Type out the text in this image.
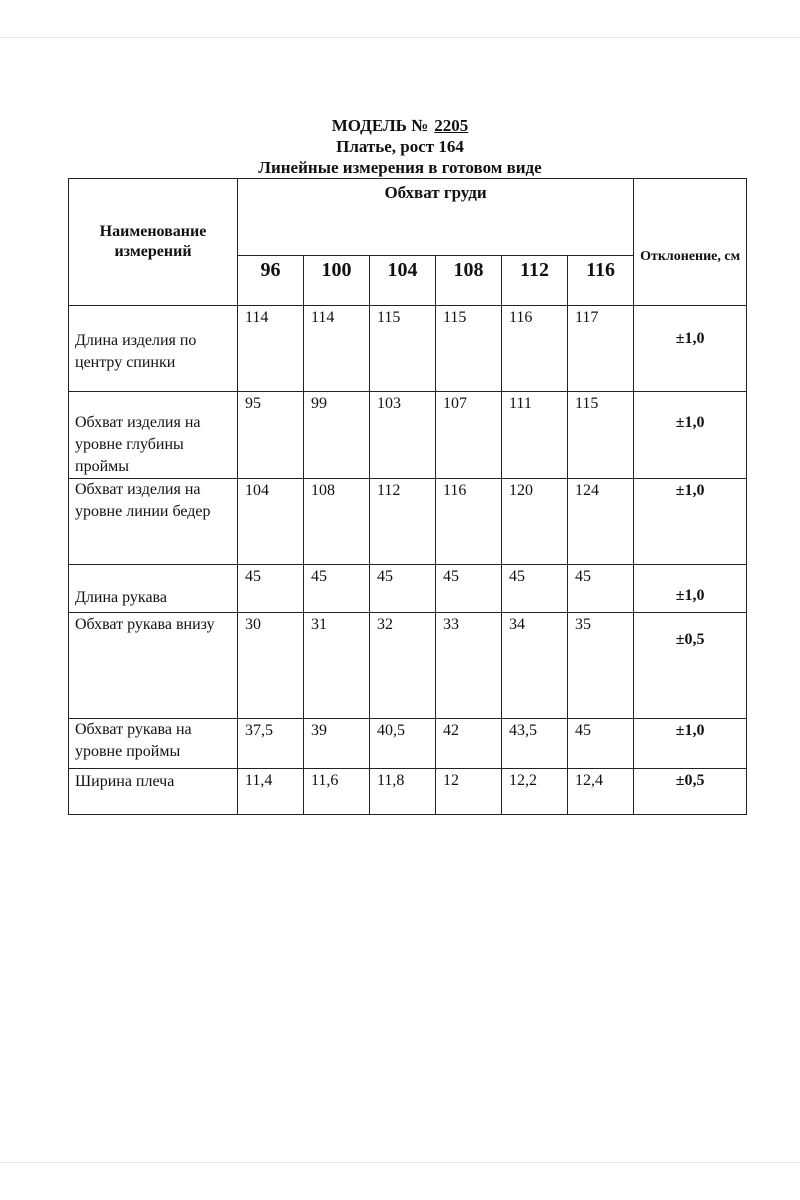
МОДЕЛЬ № 2205
Платье, рост 164
Линейные измерения в готовом виде
Наименование измерений	Обхват груди						Отклонение, см
	96	100	104	108	112	116	
Длина изделия по центру спинки	114	114	115	115	116	117	±1,0
Обхват изделия на уровне глубины проймы	95	99	103	107	111	115	±1,0
Обхват изделия на уровне линии бедер	104	108	112	116	120	124	±1,0
Длина рукава	45	45	45	45	45	45	±1,0
Обхват рукава внизу	30	31	32	33	34	35	±0,5
Обхват рукава на уровне проймы	37,5	39	40,5	42	43,5	45	±1,0
Ширина плеча	11,4	11,6	11,8	12	12,2	12,4	±0,5
